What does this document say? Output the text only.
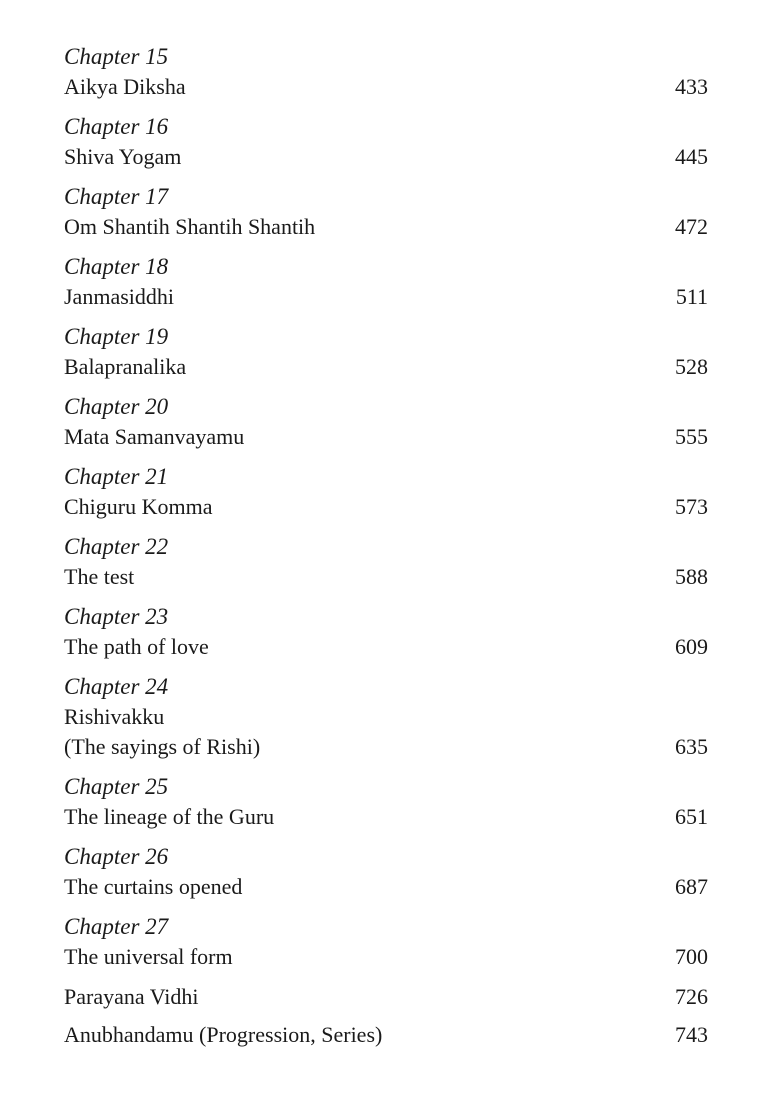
Chapter 15
Aikya Diksha	433
Chapter 16
Shiva Yogam	445
Chapter 17
Om Shantih Shantih Shantih	472
Chapter 18
Janmasiddhi	511
Chapter 19
Balapranalika	528
Chapter 20
Mata Samanvayamu	555
Chapter 21
Chiguru Komma	573
Chapter 22
The test	588
Chapter 23
The path of love	609
Chapter 24
Rishivakku
(The sayings of Rishi)	635
Chapter 25
The lineage of the Guru	651
Chapter 26
The curtains opened	687
Chapter 27
The universal form	700
Parayana Vidhi	726
Anubhandamu (Progression, Series)	743
